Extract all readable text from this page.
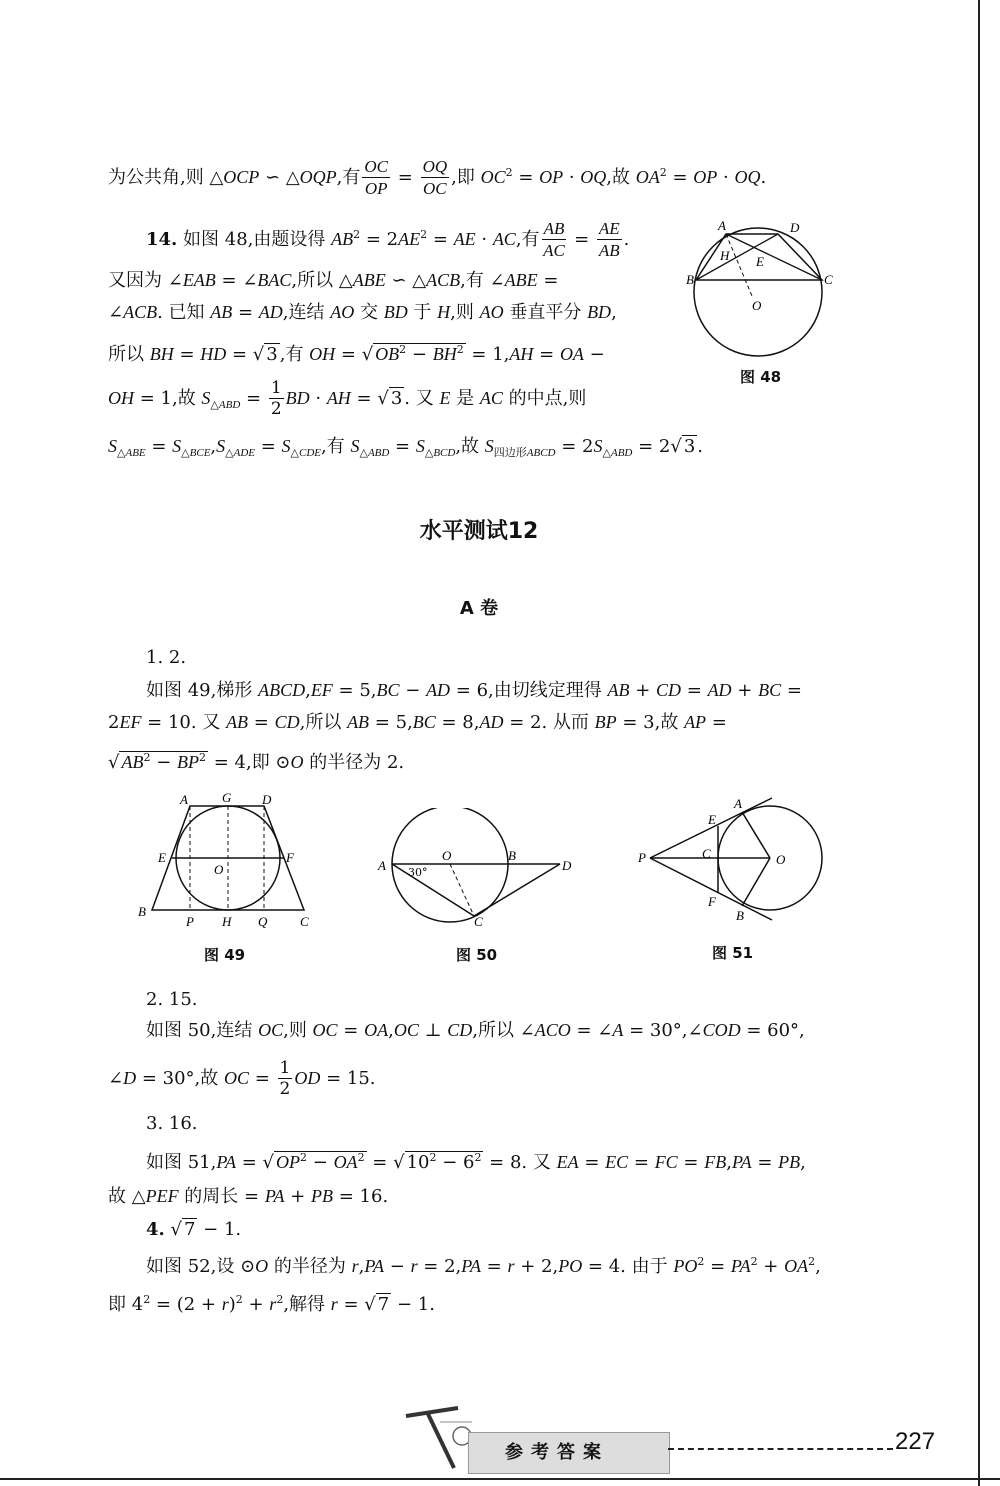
为公共角,则 △OCP ∽ △OQP,有 $\frac{OC}{OP} = \frac{OQ}{OC}$ ,即 $OC^2$ = OP · OQ,故 $OA^2$ = OP · OQ.
14. 如图 48,由题设得 $AB^2 = 2AE^2$ = AE · AC,有 $\frac{AB}{AC} = \frac{AE}{AB}$ .
又因为 ∠EAB = ∠BAC,所以 △ABE ∽ △ACB,有 ∠ABE =
∠ACB. 已知 AB = AD,连结 AO 交 BD 于 H,则 AO 垂直平分 BD,
所以 BH = HD = √ 3 ,有 OH = √ $OB^2 - BH^2 = 1,AH$ = OA −
OH = 1,故 $S_{\triangle ABD} = \frac{1}{2}$ BD · AH = √ 3 . 又 E 是 AC 的中点,则
$S_{\triangle ABE} = S_{\triangle BCE},S_{\triangle ADE} = S_{\triangle CDE}$,有 $S_{\triangle ABD} = S_{\triangle BCD}$,故 $S_{四边形ABCD} = 2S_{\triangle ABD} = 2√$ 3 .
A	D
B	C
H E
O
图 48
水平测试12
A 卷
1. 2.
如图 49,梯形 ABCD,EF = 5,BC − AD = 6,由切线定理得 AB + CD = AD + BC =
2EF = 10. 又 AB = CD,所以 AB = 5,BC = 8,AD = 2. 从而 BP = 3,故 AP =
√ $AB^2 - BP^2 = 4$,即 ⊙O 的半径为 2.
A	G D
E	F
O
B
P H Q	C
图 49
A
O	B
D
C
30°
图 50
P
E
A
C	O
F
B
图 51
2. 15.
如图 50,连结 OC,则 OC = OA,OC ⊥ CD,所以 ∠ACO = ∠A = 30°,∠COD = 60°,
∠D = 30°,故 OC = $\frac{1}{2}$ OD = 15.
3. 16.
如图 51,PA = √ $OP^2 - OA^2$ = √ $10^2 - 6^2 = 8$. 又 EA = EC = FC = FB,PA = PB,
故 △PEF 的周长 = PA + PB = 16.
4. √ 7 − 1.
如图 52,设 ⊙O 的半径为 r,PA − r = 2,PA = r + 2,PO = 4. 由于 $PO^2 = PA^2 + OA^2$,
即 $4^2 = (2 + r)^2 + r^2$,解得 r = √ 7 − 1.
参考答案	227
